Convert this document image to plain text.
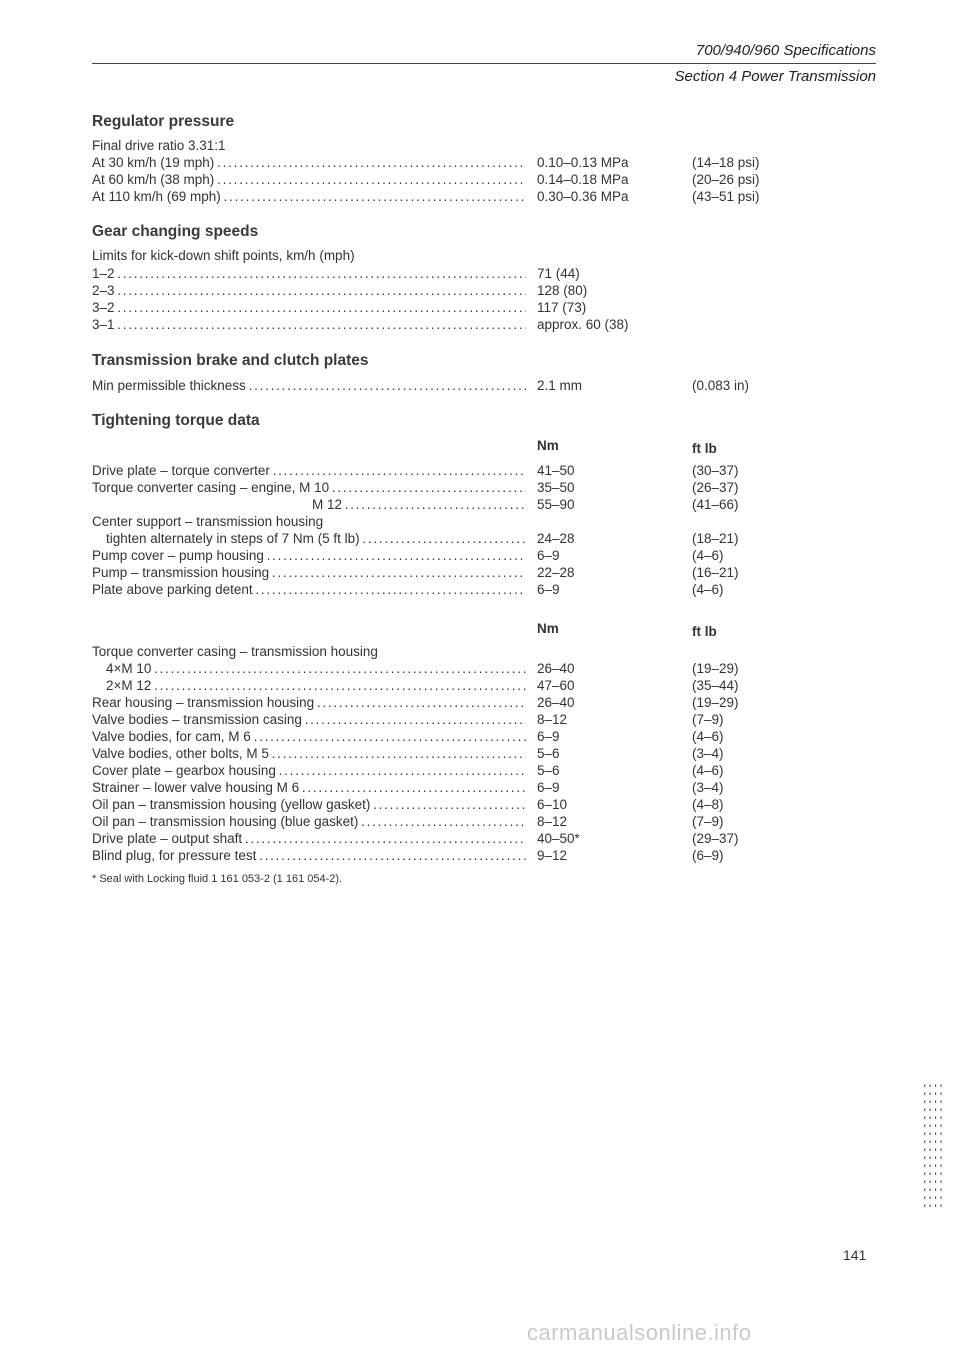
700/940/960 Specifications
Section 4 Power Transmission
Regulator pressure
Final drive ratio 3.31:1
At 30 km/h (19 mph) . . .	0.10–0.13 MPa	(14–18 psi)
At 60 km/h (38 mph) . . .	0.14–0.18 MPa	(20–26 psi)
At 110 km/h (69 mph) . . .	0.30–0.36 MPa	(43–51 psi)
Gear changing speeds
Limits for kick-down shift points, km/h (mph)
1–2 . . .	71 (44)
2–3 . . .	128 (80)
3–2 . . .	117 (73)
3–1 . . .	approx. 60 (38)
Transmission brake and clutch plates
Min permissible thickness . . .	2.1 mm	(0.083 in)
Tightening torque data
Nm	ft lb
Drive plate – torque converter . . .	41–50	(30–37)
Torque converter casing – engine, M 10 . . .	35–50	(26–37)
M 12 . . .	55–90	(41–66)
Center support – transmission housing
tighten alternately in steps of 7 Nm (5 ft lb) . . .	24–28	(18–21)
Pump cover – pump housing . . .	6–9	(4–6)
Pump – transmission housing . . .	22–28	(16–21)
Plate above parking detent . . .	6–9	(4–6)
Nm	ft lb
Torque converter casing – transmission housing
4×M 10 . . .	26–40	(19–29)
2×M 12 . . .	47–60	(35–44)
Rear housing – transmission housing . . .	26–40	(19–29)
Valve bodies – transmission casing . . .	8–12	(7–9)
Valve bodies, for cam, M 6 . . .	6–9	(4–6)
Valve bodies, other bolts, M 5 . . .	5–6	(3–4)
Cover plate – gearbox housing . . .	5–6	(4–6)
Strainer – lower valve housing M 6 . . .	6–9	(3–4)
Oil pan – transmission housing (yellow gasket) . . .	6–10	(4–8)
Oil pan – transmission housing (blue gasket) . . .	8–12	(7–9)
Drive plate – output shaft . . .	40–50*	(29–37)
Blind plug, for pressure test . . .	9–12	(6–9)
* Seal with Locking fluid 1 161 053-2 (1 161 054-2).
''''
''''
''''
''''
''''
''''
''''
''''
''''
''''
''''
''''
''''
''''
''''
''''
141
carmanualsonline.info
